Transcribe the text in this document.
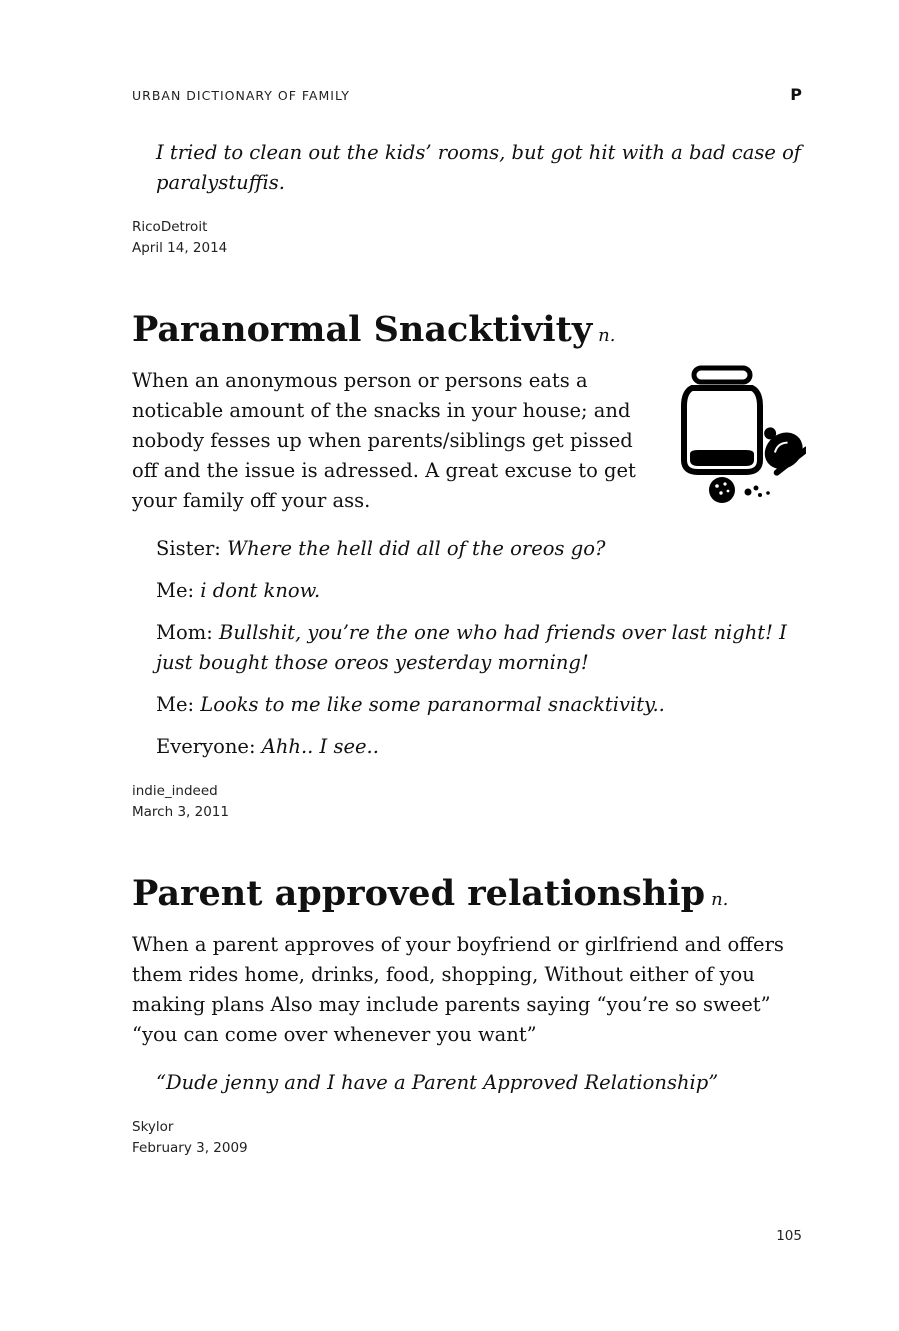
URBAN DICTIONARY OF FAMILY	P

I tried to clean out the kids’ rooms, but got hit with a bad case of paralystuffis.

RicoDetroit
April 14, 2014
Paranormal Snacktivity n.

When an anonymous person or persons eats a noticable amount of the snacks in your house; and nobody fesses up when parents/siblings get pissed off and the issue is adressed. A great excuse to get your family off your ass.

Sister: Where the hell did all of the oreos go?

Me: i dont know.

Mom: Bullshit, you’re the one who had friends over last night! I just bought those oreos yesterday morning!

Me: Looks to me like some paranormal snacktivity..

Everyone: Ahh.. I see..

indie_indeed
March 3, 2011
Parent approved relationship n.

When a parent approves of your boyfriend or girlfriend and offers them rides home, drinks, food, shopping, Without either of you making plans Also may include parents saying “you’re so sweet” “you can come over whenever you want”

“Dude jenny and I have a Parent Approved Relationship”

Skylor
February 3, 2009
105
